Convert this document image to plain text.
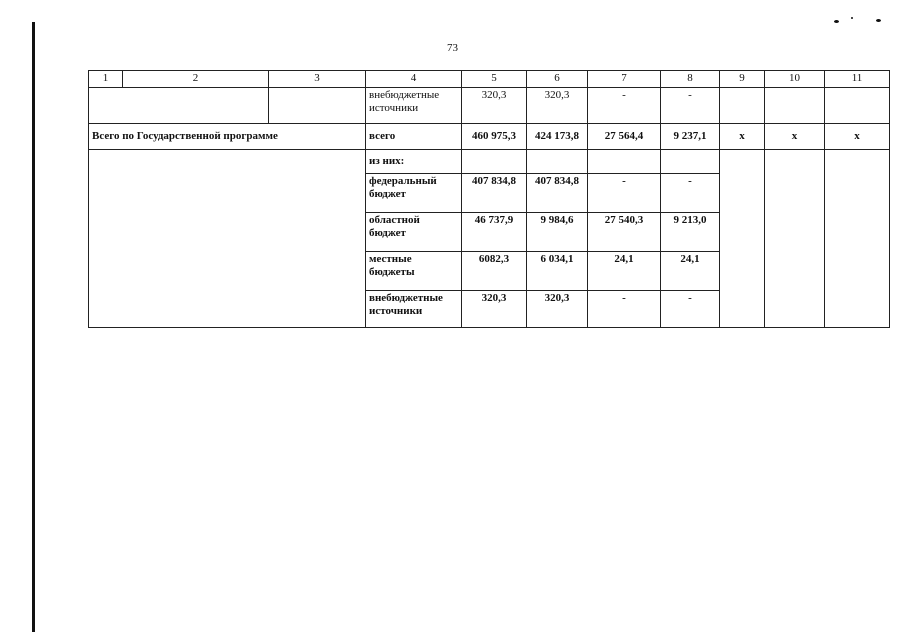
73
1	2	3	4	5	6	7	8	9	10	11
			внебюджетные источники	320,3	320,3	-	-			
Всего по Государственной программе			всего	460 975,3	424 173,8	27 564,4	9 237,1	x	x	x
			из них:							
			федеральный бюджет	407 834,8	407 834,8	-	-			
			областной бюджет	46 737,9	9 984,6	27 540,3	9 213,0			
			местные бюджеты	6082,3	6 034,1	24,1	24,1			
			внебюджетные источники	320,3	320,3	-	-			
